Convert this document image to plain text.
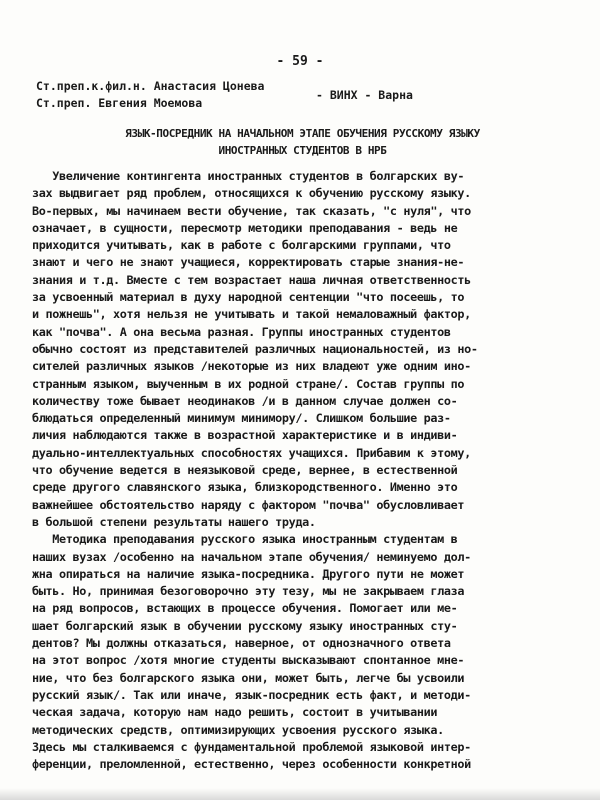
- 59 -
Ст.преп.к.фил.н. Анастасия Цонева
Ст.преп. Евгения Моемова
- ВИНХ - Варна
ЯЗЫК-ПОСРЕДНИК НА НАЧАЛЬНОМ ЭТАПЕ ОБУЧЕНИЯ РУССКОМУ ЯЗЫКУ
ИНОСТРАННЫХ СТУДЕНТОВ В НРБ
Увеличение контингента иностранных студентов в болгарских ву-
зах выдвигает ряд проблем, относящихся к обучению русскому языку.
Во-первых, мы начинаем вести обучение, так сказать, "с нуля", что
означает, в сущности, пересмотр методики преподавания - ведь не
приходится учитывать, как в работе с болгарскими группами, что
знают и чего не знают учащиеся, корректировать старые знания-не-
знания и т.д. Вместе с тем возрастает наша личная ответственность
за усвоенный материал в духу народной сентенции "что посеешь, то
и пожнешь", хотя нельзя не учитывать и такой немаловажный фактор,
как "почва". А она весьма разная. Группы иностранных студентов
обычно состоят из представителей различных национальностей, из но-
сителей различных языков /некоторые из них владеют уже одним ино-
странным языком, выученным в их родной стране/. Состав группы по
количеству тоже бывает неодинаков /и в данном случае должен со-
блюдаться определенный минимум минимору/. Слишком большие раз-
личия наблюдаются также в возрастной характеристике и в индиви-
дуально-интеллектуальных способностях учащихся. Прибавим к этому,
что обучение ведется в неязыковой среде, вернее, в естественной
среде другого славянского языка, близкородственного. Именно это
важнейшее обстоятельство наряду с фактором "почва" обусловливает
в большой степени результаты нашего труда.
Методика преподавания русского языка иностранным студентам в
наших вузах /особенно на начальном этапе обучения/ неминуемо дол-
жна опираться на наличие языка-посредника. Другого пути не может
быть. Но, принимая безоговорочно эту тезу, мы не закрываем глаза
на ряд вопросов, встающих в процессе обучения. Помогает или ме-
шает болгарский язык в обучении русскому языку иностранных сту-
дентов? Мы должны отказаться, наверное, от однозначного ответа
на этот вопрос /хотя многие студенты высказывают спонтанное мне-
ние, что без болгарского языка они, может быть, легче бы усвоили
русский язык/. Так или иначе, язык-посредник есть факт, и методи-
ческая задача, которую нам надо решить, состоит в учитывании
методических средств, оптимизирующих усвоения русского языка.
Здесь мы сталкиваемся с фундаментальной проблемой языковой интер-
ференции, преломленной, естественно, через особенности конкретной
